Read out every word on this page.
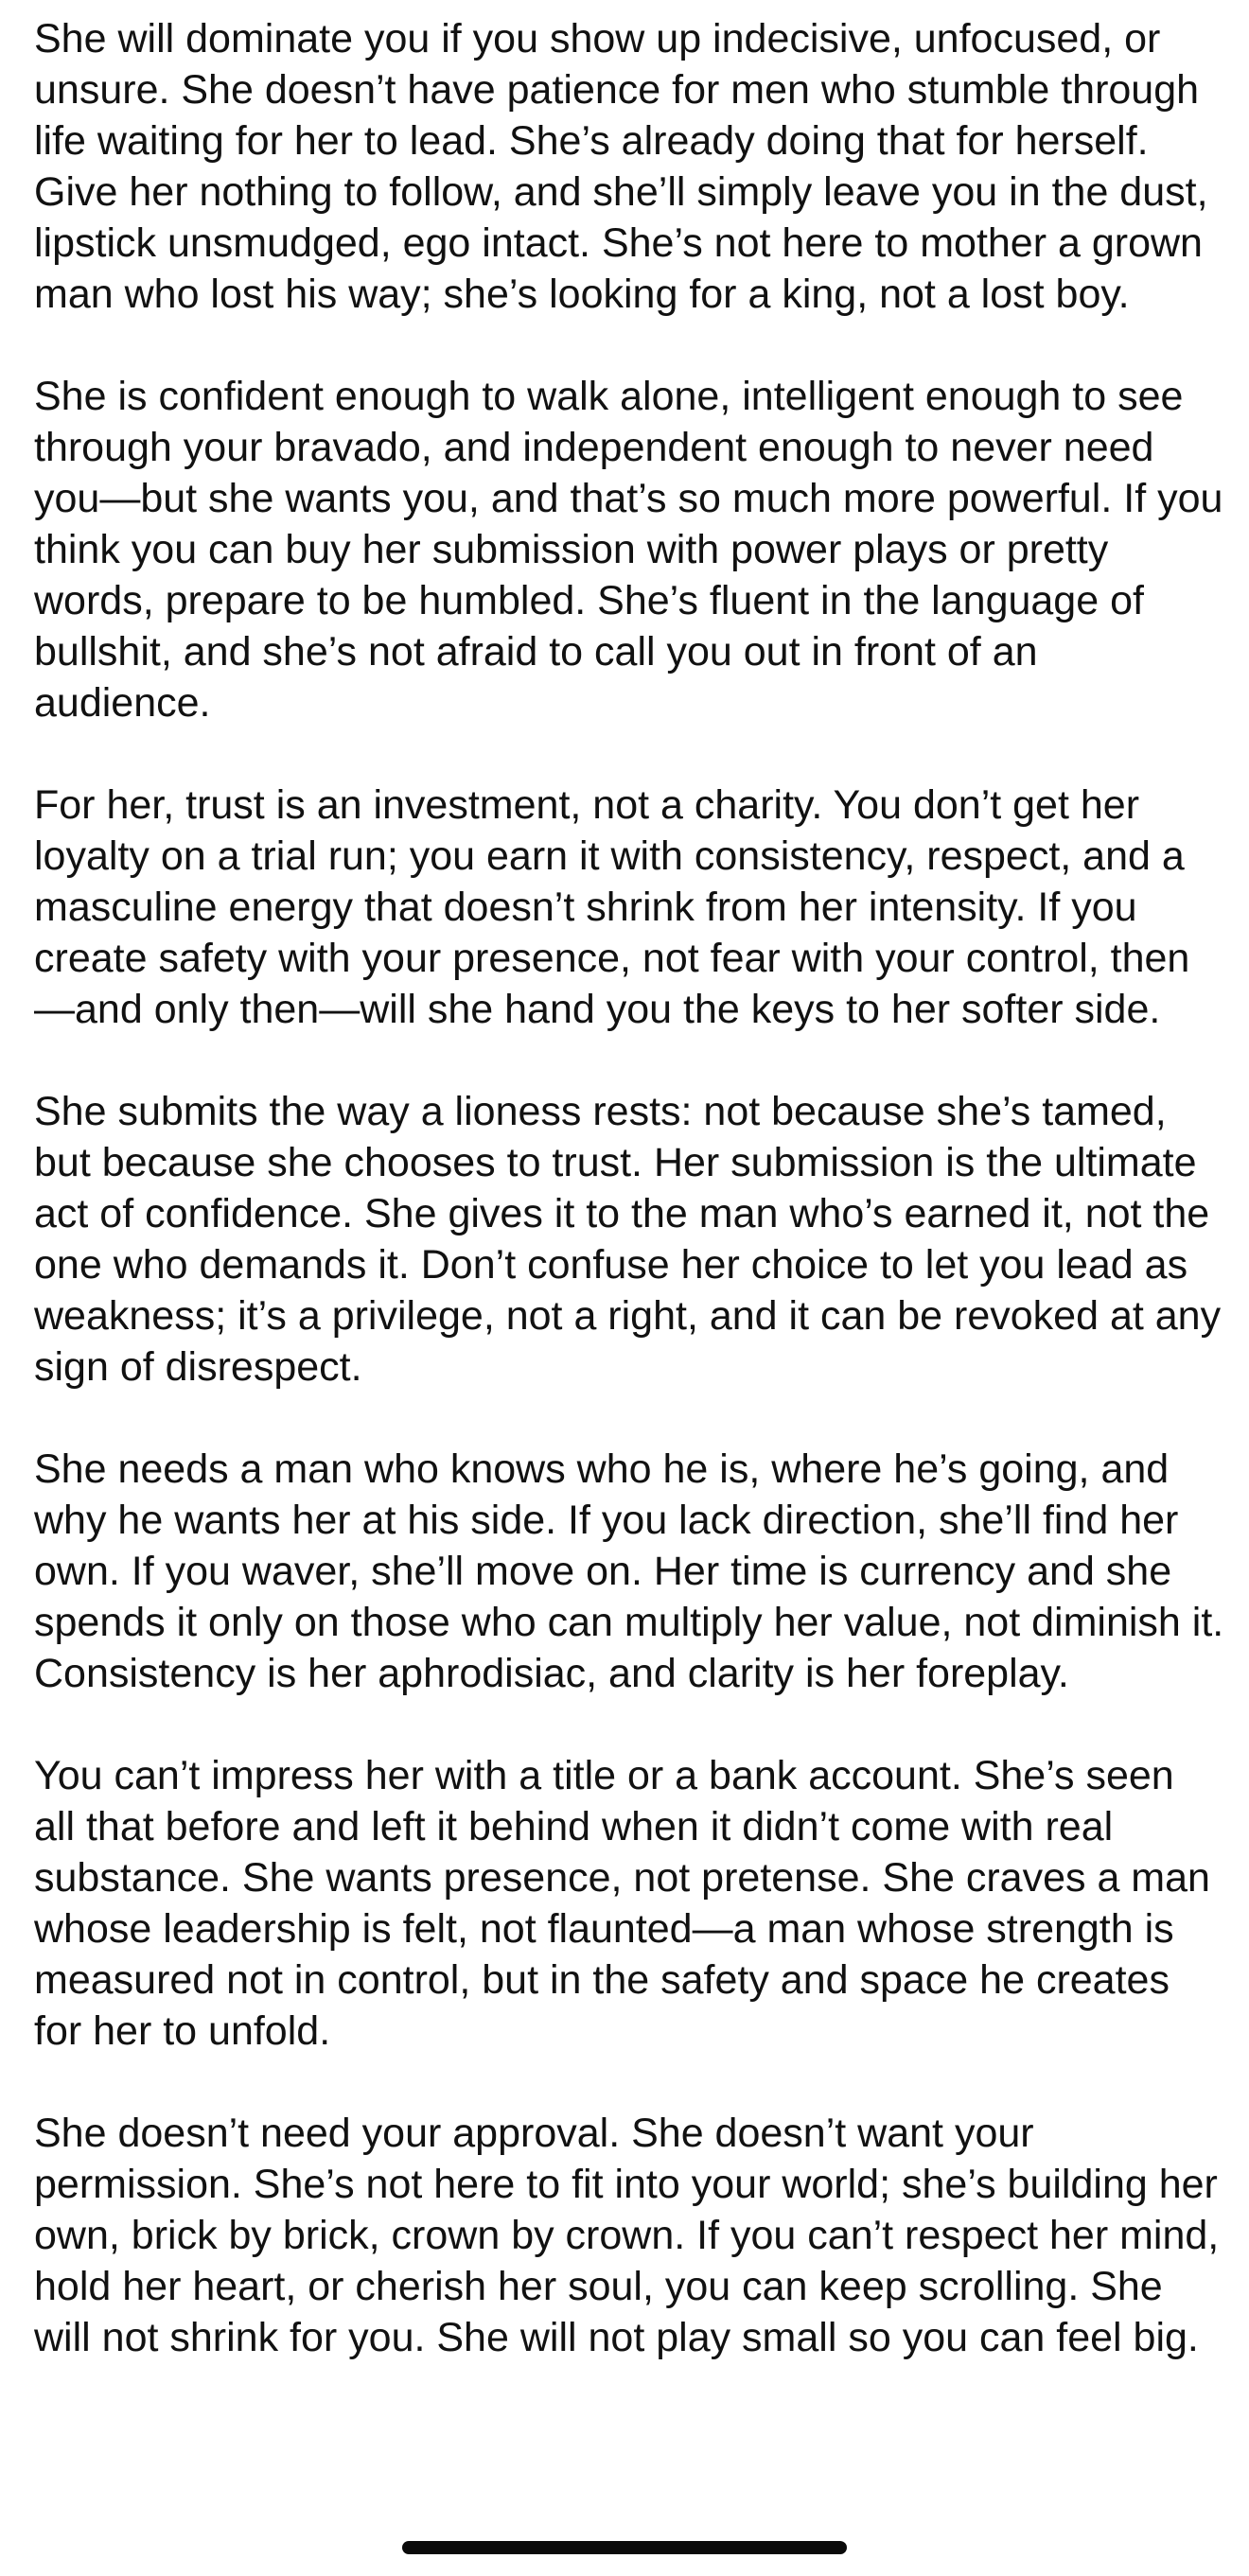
She will dominate you if you show up indecisive, unfocused, or unsure. She doesn’t have patience for men who stumble through life waiting for her to lead. She’s already doing that for herself. Give her nothing to follow, and she’ll simply leave you in the dust, lipstick unsmudged, ego intact. She’s not here to mother a grown man who lost his way; she’s looking for a king, not a lost boy.

She is confident enough to walk alone, intelligent enough to see through your bravado, and independent enough to never need you—but she wants you, and that’s so much more powerful. If you think you can buy her submission with power plays or pretty words, prepare to be humbled. She’s fluent in the language of bullshit, and she’s not afraid to call you out in front of an audience.

For her, trust is an investment, not a charity. You don’t get her loyalty on a trial run; you earn it with consistency, respect, and a masculine energy that doesn’t shrink from her intensity. If you create safety with your presence, not fear with your control, then—and only then—will she hand you the keys to her softer side.

She submits the way a lioness rests: not because she’s tamed, but because she chooses to trust. Her submission is the ultimate act of confidence. She gives it to the man who’s earned it, not the one who demands it. Don’t confuse her choice to let you lead as weakness; it’s a privilege, not a right, and it can be revoked at any sign of disrespect.

She needs a man who knows who he is, where he’s going, and why he wants her at his side. If you lack direction, she’ll find her own. If you waver, she’ll move on. Her time is currency and she spends it only on those who can multiply her value, not diminish it. Consistency is her aphrodisiac, and clarity is her foreplay.

You can’t impress her with a title or a bank account. She’s seen all that before and left it behind when it didn’t come with real substance. She wants presence, not pretense. She craves a man whose leadership is felt, not flaunted—a man whose strength is measured not in control, but in the safety and space he creates for her to unfold.

She doesn’t need your approval. She doesn’t want your permission. She’s not here to fit into your world; she’s building her own, brick by brick, crown by crown. If you can’t respect her mind, hold her heart, or cherish her soul, you can keep scrolling. She will not shrink for you. She will not play small so you can feel big.
